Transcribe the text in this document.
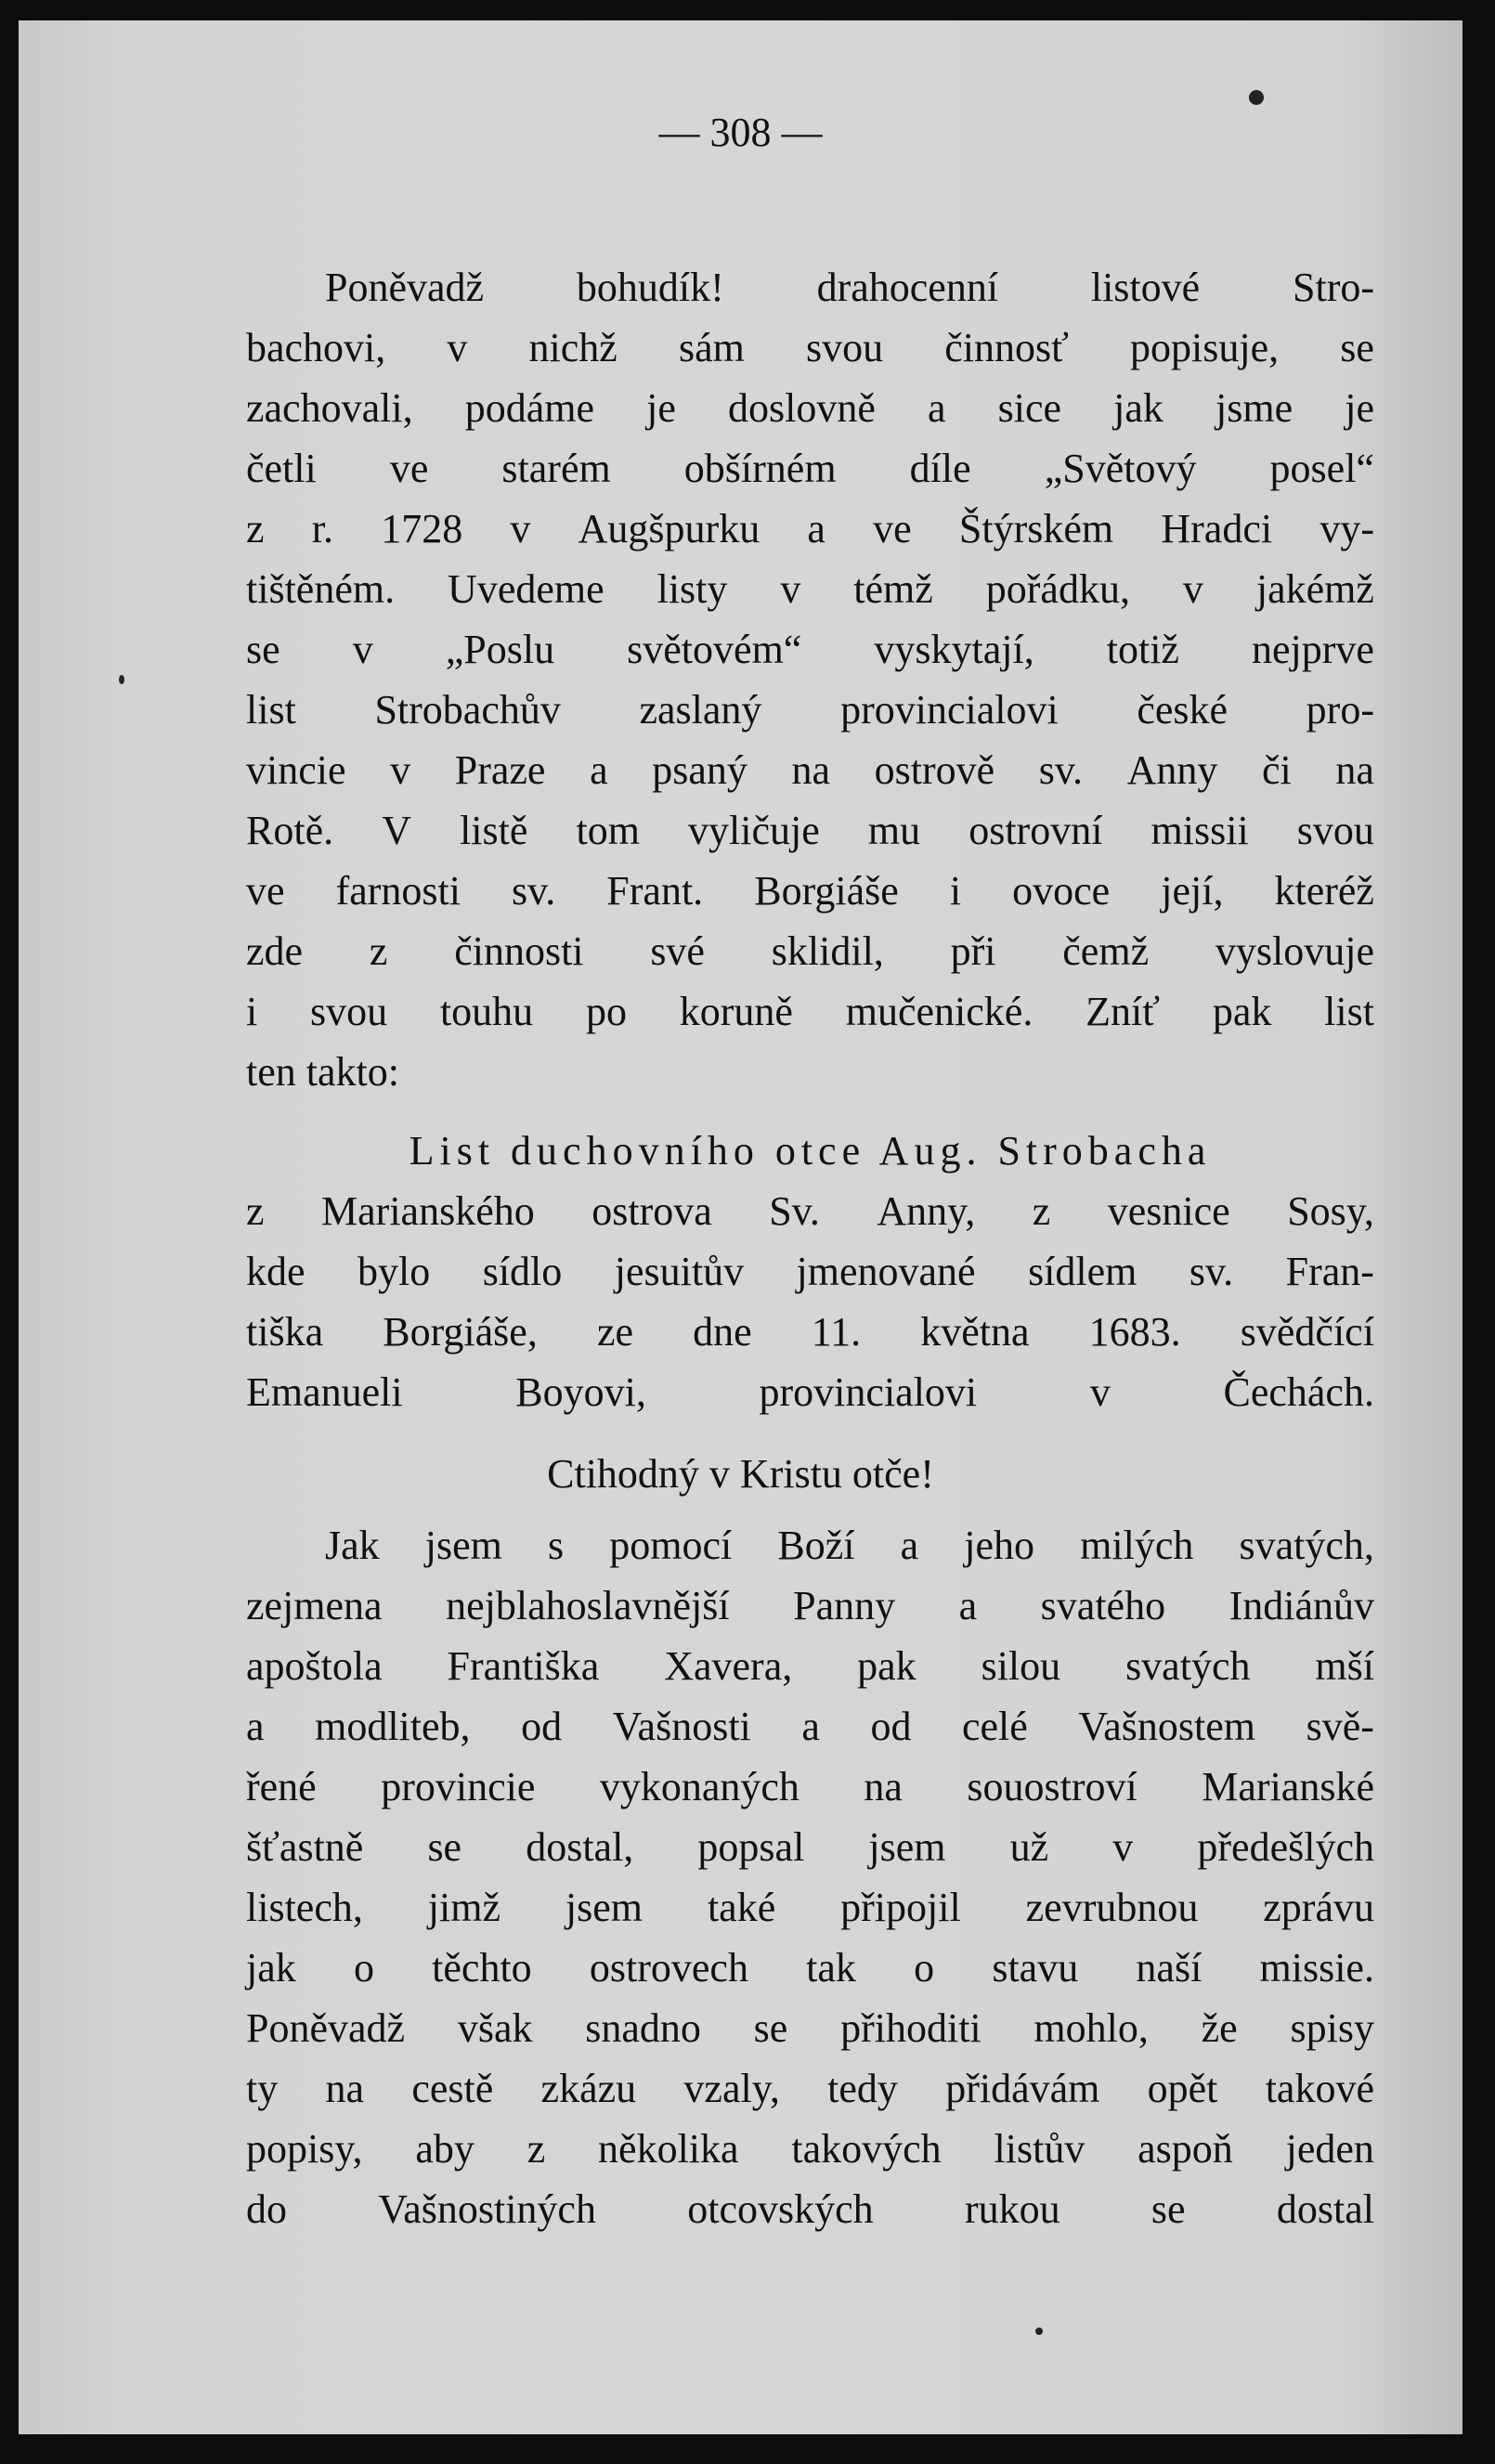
— 308 —
Poněvadž bohudík! drahocenní listové Stro-
bachovi, v nichž sám svou činnosť popisuje, se
zachovali, podáme je doslovně a sice jak jsme je
četli ve starém obšírném díle „Světový posel“
z r. 1728 v Augšpurku a ve Štýrském Hradci vy-
tištěném. Uvedeme listy v témž pořádku, v jakémž
se v „Poslu světovém“ vyskytají, totiž nejprve
list Strobachův zaslaný provincialovi české pro-
vincie v Praze a psaný na ostrově sv. Anny či na
Rotě. V listě tom vyličuje mu ostrovní missii svou
ve farnosti sv. Frant. Borgiáše i ovoce její, kteréž
zde z činnosti své sklidil, při čemž vyslovuje
i svou touhu po koruně mučenické. Zníť pak list
ten takto:
List duchovního otce Aug. Strobacha
z Marianského ostrova Sv. Anny, z vesnice Sosy,
kde bylo sídlo jesuitův jmenované sídlem sv. Fran-
tiška Borgiáše, ze dne 11. května 1683. svědčící
Emanueli	Boyovi,	provincialovi	v	Čechách.
Ctihodný v Kristu otče!
Jak jsem s pomocí Boží a jeho milých svatých,
zejmena nejblahoslavnější Panny a svatého Indiánův
apoštola Františka Xavera, pak silou svatých mší
a modliteb, od Vašnosti a od celé Vašnostem svě-
řené provincie vykonaných na souostroví Marianské
šťastně se dostal, popsal jsem už v předešlých
listech, jimž jsem také připojil zevrubnou zprávu
jak o těchto ostrovech tak o stavu naší missie.
Poněvadž však snadno se přihoditi mohlo, že spisy
ty na cestě zkázu vzaly, tedy přidávám opět takové
popisy, aby z několika takových listův aspoň jeden
do Vašnostiných otcovských rukou se dostal
